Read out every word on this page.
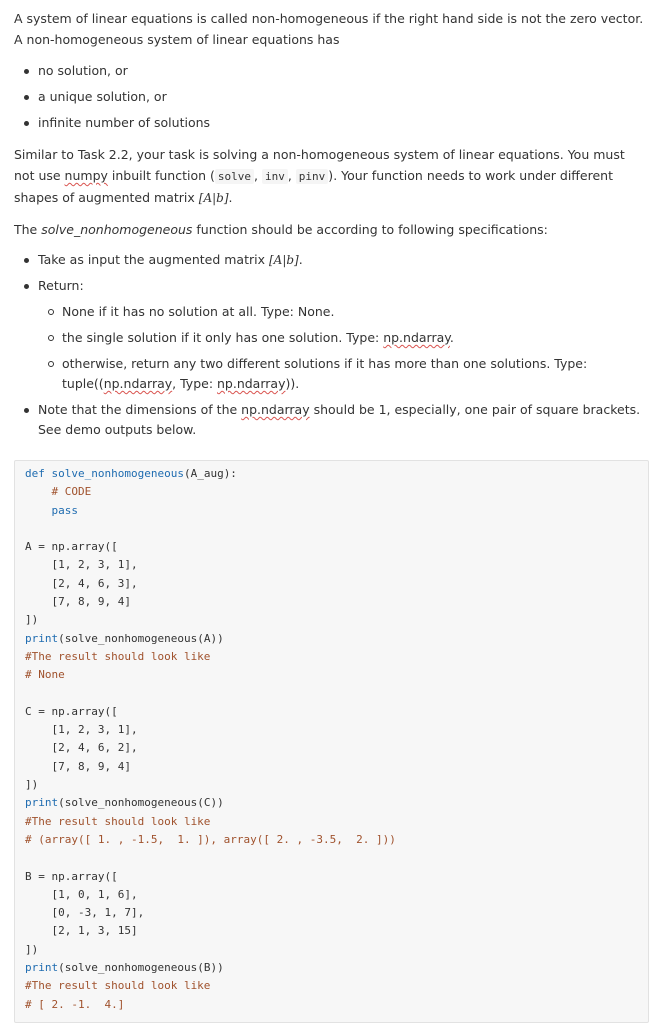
A system of linear equations is called non-homogeneous if the right hand side is not the zero vector. A non-homogeneous system of linear equations has

no solution, or
a unique solution, or
infinite number of solutions

Similar to Task 2.2, your task is solving a non-homogeneous system of linear equations. You must not use numpy inbuilt function ( solve , inv , pinv ). Your function needs to work under different shapes of augmented matrix [A|b].

The solve_nonhomogeneous function should be according to following specifications:

Take as input the augmented matrix [A|b].
Return:
None if it has no solution at all. Type: None.
the single solution if it only has one solution. Type: np.ndarray.
otherwise, return any two different solutions if it has more than one solutions. Type: tuple((np.ndarray, Type: np.ndarray)).
Note that the dimensions of the np.ndarray should be 1, especially, one pair of square brackets. See demo outputs below.
def solve_nonhomogeneous(A_aug):
# CODE
pass

A = np.array([
[1, 2, 3, 1],
[2, 4, 6, 3],
[7, 8, 9, 4]
])
print(solve_nonhomogeneous(A))
#The result should look like
# None

C = np.array([
[1, 2, 3, 1],
[2, 4, 6, 2],
[7, 8, 9, 4]
])
print(solve_nonhomogeneous(C))
#The result should look like
# (array([ 1. , -1.5,  1. ]), array([ 2. , -3.5,  2. ]))

B = np.array([
[1, 0, 1, 6],
[0, -3, 1, 7],
[2, 1, 3, 15]
])
print(solve_nonhomogeneous(B))
#The result should look like
# [ 2. -1.  4.]
